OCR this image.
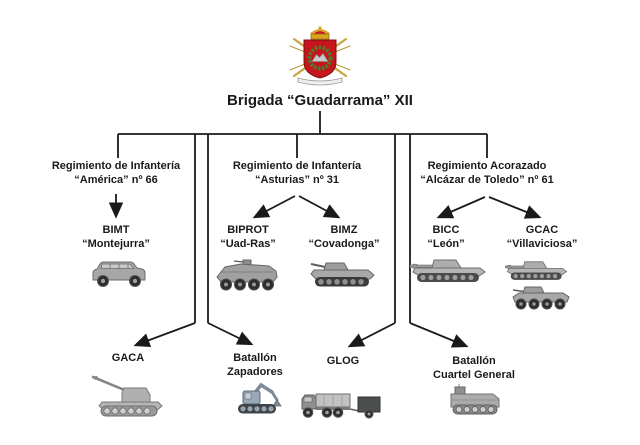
Brigada “Guadarrama” XII
Regimiento de Infantería
“América” nº 66
Regimiento de Infantería
“Asturias” nº 31
Regimiento Acorazado
“Alcázar de Toledo” nº 61
BIMT
“Montejurra”
BIPROT
“Uad-Ras”
BIMZ
“Covadonga”
BICC
“León”
GCAC
“Villaviciosa”
GACA	Batallón
Zapadores
GLOG	Batallón
Cuartel General
